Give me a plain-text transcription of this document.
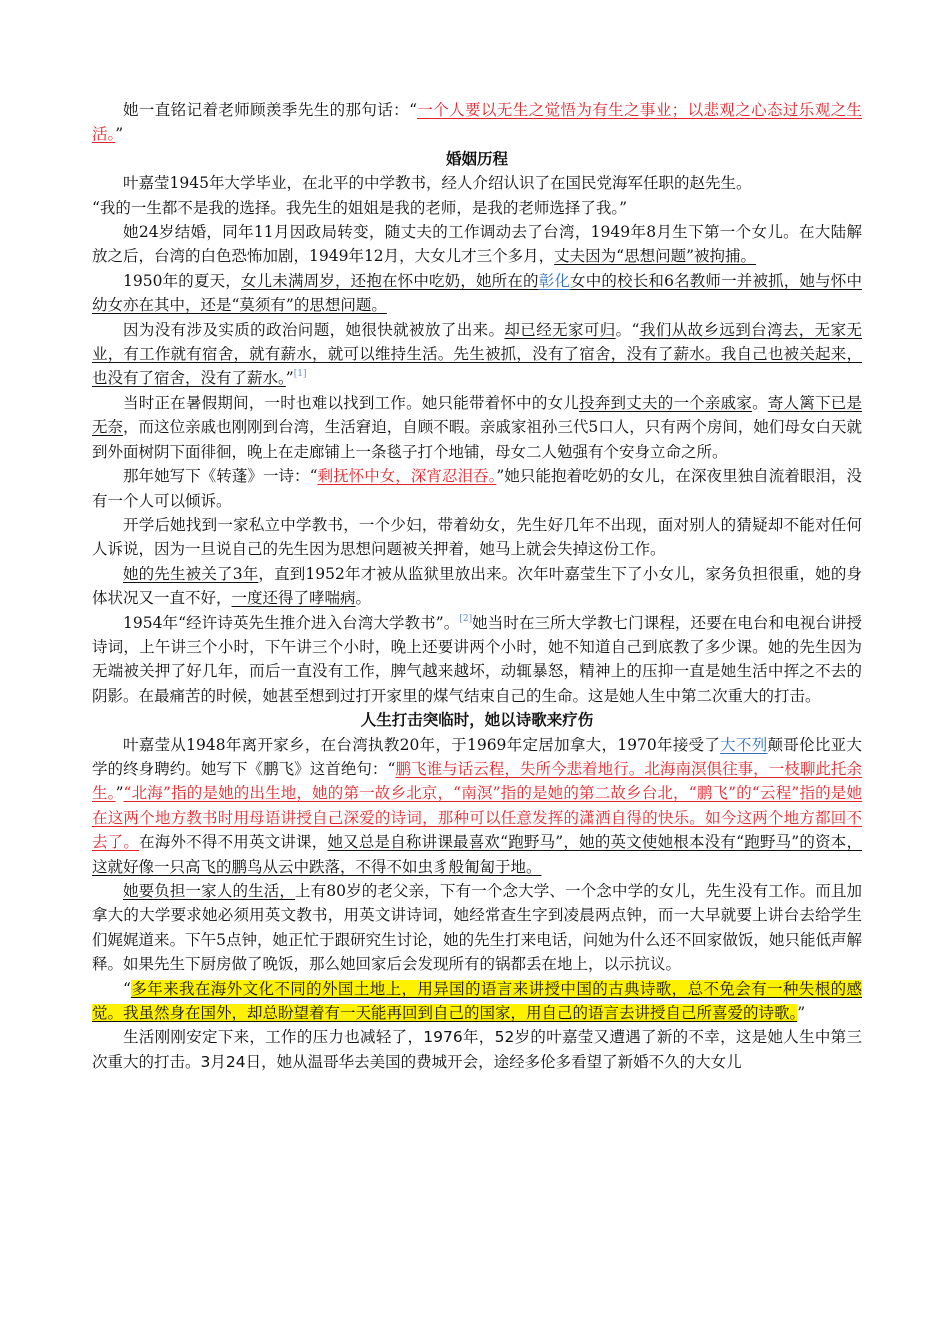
她一直铭记着老师顾羡季先生的那句话：“一个人要以无生之觉悟为有生之事业；以悲观之心态过乐观之生活。”

婚姻历程

叶嘉莹1945年大学毕业，在北平的中学教书，经人介绍认识了在国民党海军任职的赵先生。

“我的一生都不是我的选择。我先生的姐姐是我的老师，是我的老师选择了我。”

她24岁结婚，同年11月因政局转变，随丈夫的工作调动去了台湾，1949年8月生下第一个女儿。在大陆解放之后，台湾的白色恐怖加剧，1949年12月，大女儿才三个多月，丈夫因为“思想问题”被拘捕。

1950年的夏天，女儿未满周岁，还抱在怀中吃奶，她所在的彰化女中的校长和6名教师一并被抓，她与怀中幼女亦在其中，还是“莫须有”的思想问题。

因为没有涉及实质的政治问题，她很快就被放了出来。却已经无家可归。“我们从故乡远到台湾去，无家无业，有工作就有宿舍，就有薪水，就可以维持生活。先生被抓，没有了宿舍，没有了薪水。我自己也被关起来，也没有了宿舍，没有了薪水。”[1]

当时正在暑假期间，一时也难以找到工作。她只能带着怀中的女儿投奔到丈夫的一个亲戚家。寄人篱下已是无奈，而这位亲戚也刚刚到台湾，生活窘迫，自顾不暇。亲戚家祖孙三代5口人，只有两个房间，她们母女白天就到外面树阴下面徘徊，晚上在走廊铺上一条毯子打个地铺，母女二人勉强有个安身立命之所。

那年她写下《转蓬》一诗：“剩抚怀中女，深宵忍泪吞。”她只能抱着吃奶的女儿，在深夜里独自流着眼泪，没有一个人可以倾诉。

开学后她找到一家私立中学教书，一个少妇，带着幼女，先生好几年不出现，面对别人的猜疑却不能对任何人诉说，因为一旦说自己的先生因为思想问题被关押着，她马上就会失掉这份工作。

她的先生被关了3年，直到1952年才被从监狱里放出来。次年叶嘉莹生下了小女儿，家务负担很重，她的身体状况又一直不好，一度还得了哮喘病。

1954年“经许诗英先生推介进入台湾大学教书”。[2]她当时在三所大学教七门课程，还要在电台和电视台讲授诗词，上午讲三个小时，下午讲三个小时，晚上还要讲两个小时，她不知道自己到底教了多少课。她的先生因为无端被关押了好几年，而后一直没有工作，脾气越来越坏，动辄暴怒，精神上的压抑一直是她生活中挥之不去的阴影。在最痛苦的时候，她甚至想到过打开家里的煤气结束自己的生命。这是她人生中第二次重大的打击。

人生打击突临时，她以诗歌来疗伤

叶嘉莹从1948年离开家乡，在台湾执教20年，于1969年定居加拿大，1970年接受了大不列颠哥伦比亚大学的终身聘约。她写下《鹏飞》这首绝句：“鹏飞谁与话云程，失所今悲着地行。北海南溟俱往事，一枝聊此托余生。”“北海”指的是她的出生地，她的第一故乡北京，“南溟”指的是她的第二故乡台北，“鹏飞”的“云程”指的是她在这两个地方教书时用母语讲授自己深爱的诗词，那种可以任意发挥的潇洒自得的快乐。如今这两个地方都回不去了。在海外不得不用英文讲课，她又总是自称讲课最喜欢“跑野马”，她的英文使她根本没有“跑野马”的资本，这就好像一只高飞的鹏鸟从云中跌落，不得不如虫豸般匍匐于地。

她要负担一家人的生活，上有80岁的老父亲，下有一个念大学、一个念中学的女儿，先生没有工作。而且加拿大的大学要求她必须用英文教书，用英文讲诗词，她经常查生字到凌晨两点钟，而一大早就要上讲台去给学生们娓娓道来。下午5点钟，她正忙于跟研究生讨论，她的先生打来电话，问她为什么还不回家做饭，她只能低声解释。如果先生下厨房做了晚饭，那么她回家后会发现所有的锅都丢在地上，以示抗议。

“多年来我在海外文化不同的外国土地上，用异国的语言来讲授中国的古典诗歌，总不免会有一种失根的感觉。我虽然身在国外，却总盼望着有一天能再回到自己的国家，用自己的语言去讲授自己所喜爱的诗歌。”

生活刚刚安定下来，工作的压力也减轻了，1976年，52岁的叶嘉莹又遭遇了新的不幸，这是她人生中第三次重大的打击。3月24日，她从温哥华去美国的费城开会，途经多伦多看望了新婚不久的大女儿
